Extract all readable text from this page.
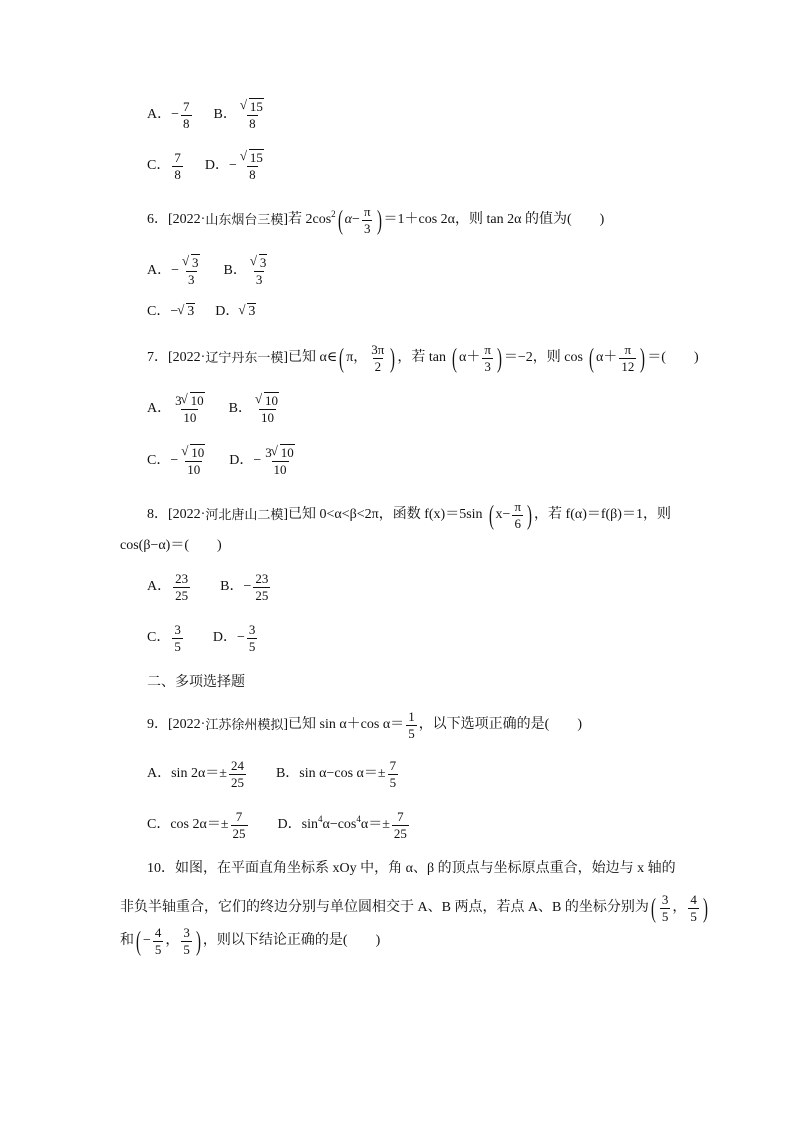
A． − $\frac{7}{8}$ B． √ $\frac{15}{8}$
C． $\frac{7}{8}$ D． − √ $\frac{15}{8}$
6．[2022· 山东烟台三模 ]若 2cos 2 ( $\alpha - \frac{\pi}{3}$ ) ＝1＋cos 2α，则 tan 2α 的值为(　　)
A．− √ $\frac{3}{3}$ B． √ $\frac{3}{3}$
C．− √ 3 D． √ 3
7．[2022· 辽宁丹东一模 ]已知 α∈ ( π， $\frac{3\pi}{2}$ ) ，若 tan ( $\alpha+ \frac{\pi}{3}$ ) ＝−2，则 cos ( $\alpha+ \frac{\pi}{12}$ ) ＝(　　)
A． $\frac{3 √ 10}{10}$ B． √ $\frac{10}{10}$
C．− √ $\frac{10}{10}$ D．− $\frac{3 √ 10}{10}$
8．[2022· 河北唐山二模 ]已知 0<α<β<2π，函数 f(x)＝5sin ( $x- \frac{\pi}{6}$ ) ，若 f(α)＝f(β)＝1，则
cos(β−α)＝(　　)
A． $\frac{23}{25}$ B．− $\frac{23}{25}$
C． $\frac{3}{5}$ D．− $\frac{3}{5}$
二、多项选择题
9．[2022· 江苏徐州模拟 ]已知 sin α＋cos $\alpha= \frac{1}{5}$ ，以下选项正确的是(　　)
A．$\sin 2\alpha=\pm \frac{24}{25}$ B．sin α−cos $\alpha=\pm \frac{7}{5}$
C．$\cos 2\alpha=\pm \frac{7}{25}$ D．sin 4 α−cos 4 $\alpha=\pm \frac{7}{25}$
10．如图，在平面直角坐标系 xOy 中，角 α、β 的顶点与坐标原点重合，始边与 x 轴的
非负半轴重合，它们的终边分别与单位圆相交于 A、B 两点，若点 A、B 的坐标分别为 ( $\frac{3}{5}$ ， $\frac{4}{5}$ )
和 ( − $\frac{4}{5}$ ， $\frac{3}{5}$ ) ，则以下结论正确的是(　　)
